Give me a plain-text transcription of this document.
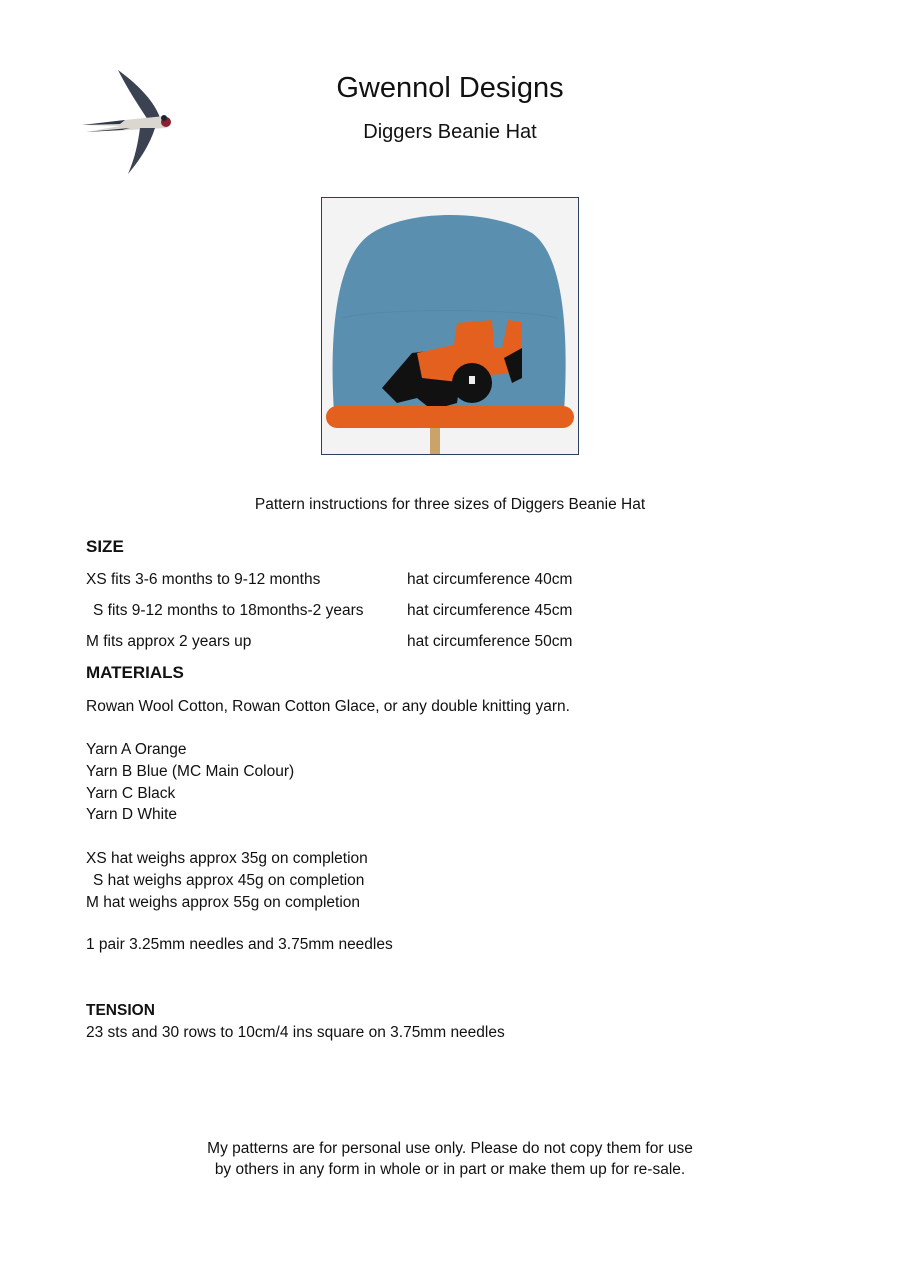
Gwennol Designs
Diggers Beanie Hat
Pattern instructions for three sizes of Diggers Beanie Hat
SIZE
XS fits 3-6 months to 9-12 months	hat circumference 40cm
S fits 9-12 months to 18months-2 years	hat circumference 45cm
M fits approx 2 years up	hat circumference 50cm
MATERIALS
Rowan Wool Cotton, Rowan Cotton Glace, or any double knitting yarn.
Yarn A Orange
Yarn B Blue (MC Main Colour)
Yarn C Black
Yarn D White
XS hat weighs approx 35g on completion
S hat weighs approx 45g on completion
M hat weighs approx 55g on completion
1 pair 3.25mm needles and 3.75mm needles
TENSION
23 sts and 30 rows to 10cm/4 ins square on 3.75mm needles
My patterns are for personal use only. Please do not copy them for use
by others in any form in whole or in part or make them up for re-sale.
